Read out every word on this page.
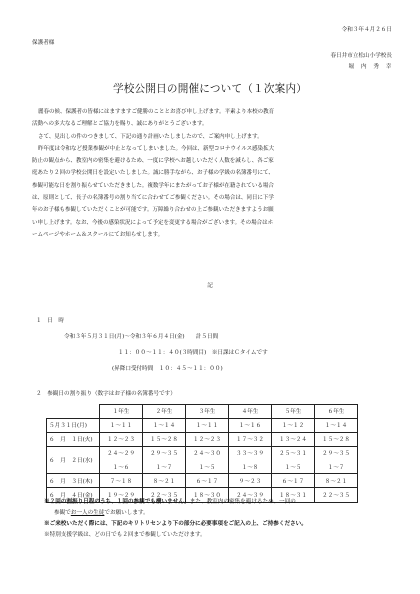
令和３年４月２６日
保護者様
春日井市立松山小学校長
堀　内　秀　幸
学校公開日の開催について（１次案内）

麗春の候、保護者の皆様にはますますご健勝のこととお喜び申し上げます。平素より本校の教育

活動への多大なるご理解とご協力を賜り、誠にありがとうございます。

さて、見出しの件のつきまして、下記の通り計画いたしましたので、ご案内申し上げます。

昨年度は令和など授業参観が中止となってしまいました。今回は、新型コロナウイルス感染拡大

防止の観点から、教室内の密集を避けるため、一度に学校へお越しいただく人数を減らし、各ご家

庭あたり２回の学校公開日を設定いたしました。誠に勝手ながら、お子様の学級の名簿番号にて、

参観可能な日を割り振らせていただきました。複数学年にまたがってお子様が在籍されている場合

は、原則として、長子の名簿番号の割り当てに合わせてご参観ください。その場合は、同日に下学

年のお子様も参観していただくことが可能です。万障繰り合わせの上ご参観いただきますようお願

い申し上げます。なお、今後の感染状況によって予定を変更する場合がございます。その場合はホ

ームページやホーム＆スクールにてお知らせします。

記
１　日　時
令和３年５月３１日(月)～令和３年６月４日(金)　　計５日間
１１：００～１１：４０(３時間目)　※日課はＣタイムです
(昇降口受付時間　１０：４５～１１：００)
２　参観日の割り振り（数字はお子様の名簿番号です）
	１年生	２年生	３年生	４年生	５年生	６年生
５月３１日(月)	１～１１	１～１４	１～１１	１～１６	１～１２	１～１４
６　月　１日(火)	１２～２３	１５～２８	１２～２３	１７～３２	１３～２４	１５～２８
６　月　２日(水)	２４～２９	２９～３５	２４～３０	３３～３９	２５～３１	２９～３５
	１～６	１～７	１～５	１～８	１～５	１～７
６　月　３日(木)	７～１８	８～２１	６～１７	９～２３	６～１７	８～２１
６　月　４日(金)	１９～２９	２２～３５	１８～３０	２４～３９	１８～３１	２２～３５
※２回の割振り日程のうち、１回の参観でも構いません。また、教室内の密集を避けるため、一回の
参観でお一人の生徒でお願いします。
※ご来校いただく際には、下記のキリトリセンより下の部分に必要事項をご記入の上、ご持参ください。
※特別支援学級は、どの日でも２回まで参観していただけます。
